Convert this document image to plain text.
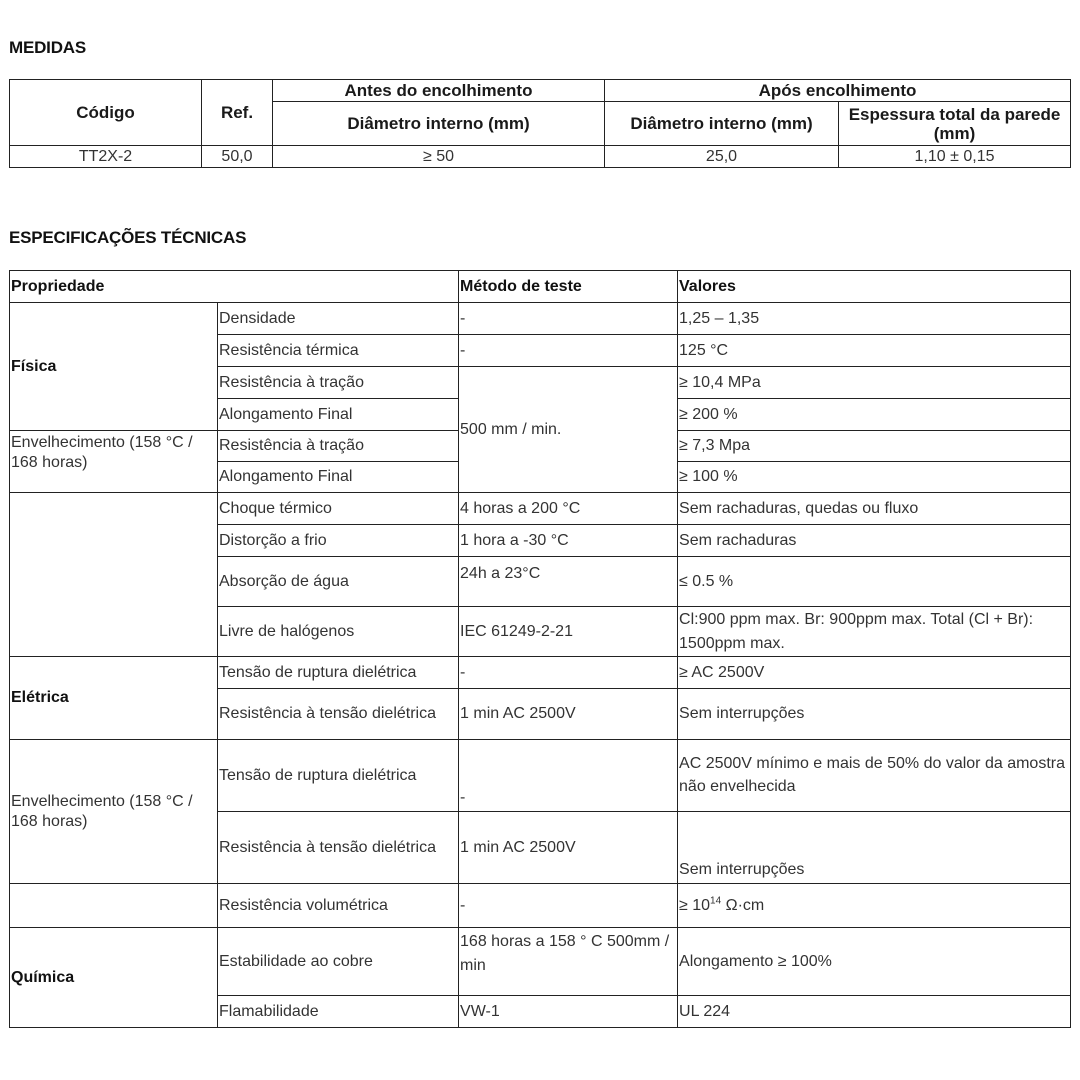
MEDIDAS
Código	Ref.	Antes do encolhimento	Após encolhimento	
		Diâmetro interno (mm)	Diâmetro interno (mm)	Espessura total da parede (mm)
TT2X-2	50,0	≥ 50	25,0	1,10 ± 0,15
ESPECIFICAÇÕES TÉCNICAS
Propriedade		Método de teste	Valores
Física	Densidade	-	1,25 – 1,35
	Resistência térmica	-	125 °C
	Resistência à tração	500 mm / min.	≥ 10,4 MPa
	Alongamento Final		≥ 200 %
Envelhecimento (158 °C / 168 horas)	Resistência à tração		≥ 7,3 Mpa
	Alongamento Final		≥ 100 %
	Choque térmico	4 horas a 200 °C	Sem rachaduras, quedas ou fluxo
	Distorção a frio	1 hora a -30 °C	Sem rachaduras
	Absorção de água	24h a 23°C	≤ 0.5 %
	Livre de halógenos	IEC 61249-2-21	Cl:900 ppm max. Br: 900ppm max. Total (Cl + Br): 1500ppm max.
Elétrica	Tensão de ruptura dielétrica	-	≥ AC 2500V
	Resistência à tensão dielétrica	1 min AC 2500V	Sem interrupções
Envelhecimento (158 °C / 168 horas)	Tensão de ruptura dielétrica	-	AC 2500V mínimo e mais de 50% do valor da amostra não envelhecida
	Resistência à tensão dielétrica	1 min AC 2500V	Sem interrupções
	Resistência volumétrica	-	≥ $10^{14}$ Ω·cm
Química	Estabilidade ao cobre	168 horas a 158 ° C 500mm / min	Alongamento ≥ 100%
	Flamabilidade	VW-1	UL 224
